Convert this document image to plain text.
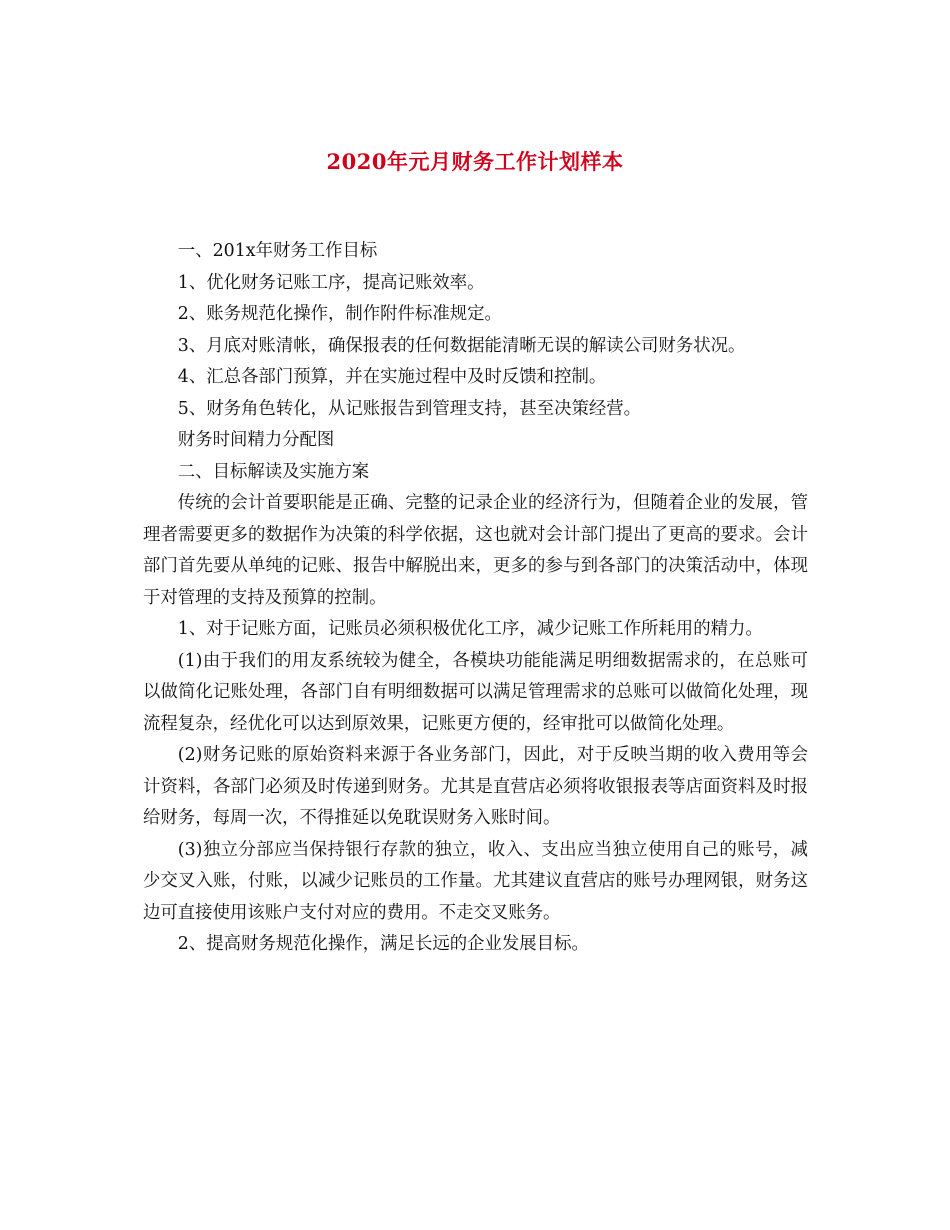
2020年元月财务工作计划样本

一、201x年财务工作目标

1、优化财务记账工序，提高记账效率。

2、账务规范化操作，制作附件标准规定。

3、月底对账清帐，确保报表的任何数据能清晰无误的解读公司财务状况。

4、汇总各部门预算，并在实施过程中及时反馈和控制。

5、财务角色转化，从记账报告到管理支持，甚至决策经营。

财务时间精力分配图

二、目标解读及实施方案

传统的会计首要职能是正确、完整的记录企业的经济行为，但随着企业的发展，管理者需要更多的数据作为决策的科学依据，这也就对会计部门提出了更高的要求。会计部门首先要从单纯的记账、报告中解脱出来，更多的参与到各部门的决策活动中，体现于对管理的支持及预算的控制。

1、对于记账方面，记账员必须积极优化工序，减少记账工作所耗用的精力。

(1)由于我们的用友系统较为健全，各模块功能能满足明细数据需求的，在总账可以做简化记账处理，各部门自有明细数据可以满足管理需求的总账可以做简化处理，现流程复杂，经优化可以达到原效果，记账更方便的，经审批可以做简化处理。

(2)财务记账的原始资料来源于各业务部门，因此，对于反映当期的收入费用等会计资料，各部门必须及时传递到财务。尤其是直营店必须将收银报表等店面资料及时报给财务，每周一次，不得推延以免耽误财务入账时间。

(3)独立分部应当保持银行存款的独立，收入、支出应当独立使用自己的账号，减少交叉入账，付账，以减少记账员的工作量。尤其建议直营店的账号办理网银，财务这边可直接使用该账户支付对应的费用。不走交叉账务。

2、提高财务规范化操作，满足长远的企业发展目标。
